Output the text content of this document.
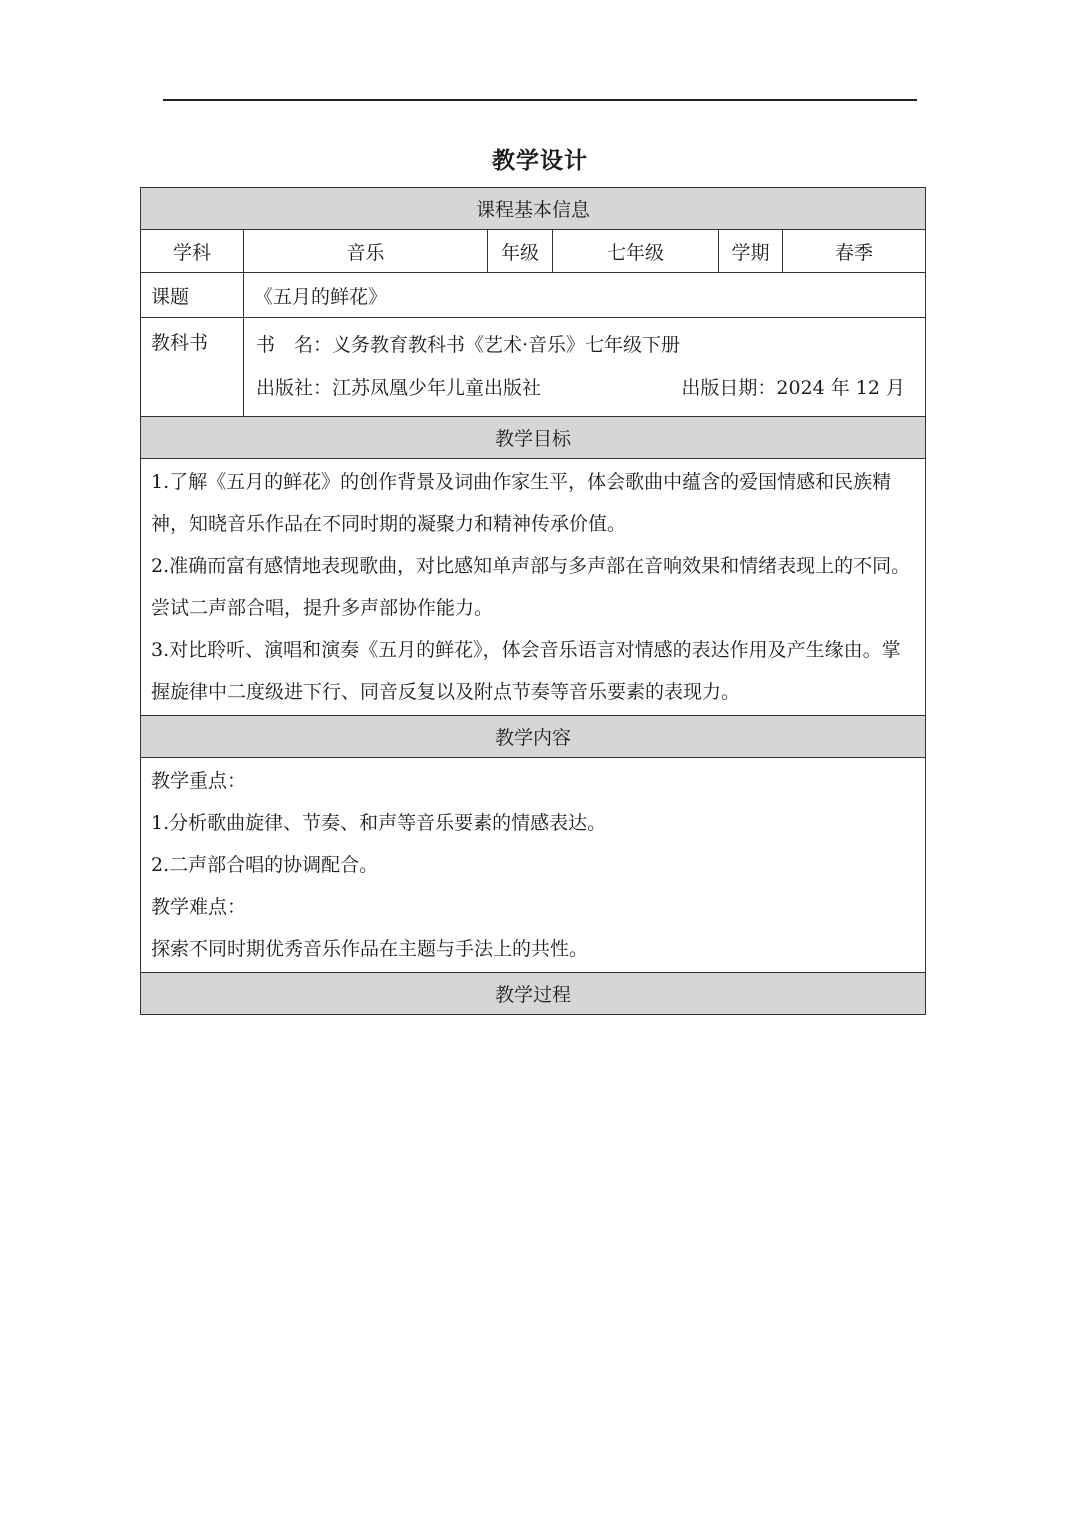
教学设计
课程基本信息					
学科	音乐	年级	七年级	学期	春季
课题	《五月的鲜花》				
教科书	书　名：义务教育教科书《艺术·音乐》七年级下册
出版社：江苏凤凰少年儿童出版社 出版日期：2024 年 12 月				

教学目标					

1.了解《五月的鲜花》的创作背景及词曲作家生平，体会歌曲中蕴含的爱国情感和民族精神，知晓音乐作品在不同时期的凝聚力和精神传承价值。

2.准确而富有感情地表现歌曲，对比感知单声部与多声部在音响效果和情绪表现上的不同。尝试二声部合唱，提升多声部协作能力。

3.对比聆听、演唱和演奏《五月的鲜花》，体会音乐语言对情感的表达作用及产生缘由。掌握旋律中二度级进下行、同音反复以及附点节奏等音乐要素的表现力。					

教学内容					

教学重点：

1.分析歌曲旋律、节奏、和声等音乐要素的情感表达。

2.二声部合唱的协调配合。

教学难点：

探索不同时期优秀音乐作品在主题与手法上的共性。					

教学过程					
